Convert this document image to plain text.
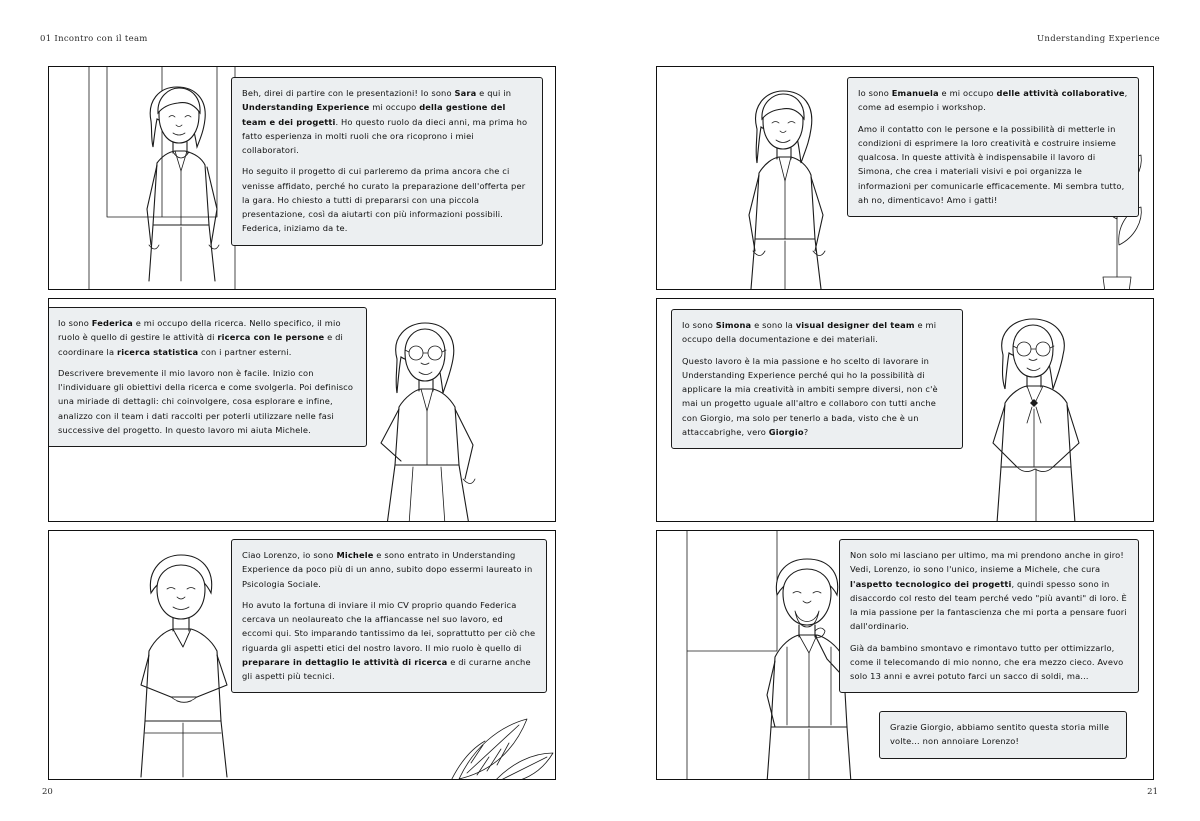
01 Incontro con il team	Understanding Experience
20	21

Beh, direi di partire con le presentazioni! Io sono Sara e qui in Understanding Experience mi occupo della gestione del team e dei progetti. Ho questo ruolo da dieci anni, ma prima ho fatto esperienza in molti ruoli che ora ricoprono i miei collaboratori.

Ho seguito il progetto di cui parleremo da prima ancora che ci venisse affidato, perché ho curato la preparazione dell'offerta per la gara. Ho chiesto a tutti di prepararsi con una piccola presentazione, così da aiutarti con più informazioni possibili. Federica, iniziamo da te.

Io sono Emanuela e mi occupo delle attività collaborative, come ad esempio i workshop.

Amo il contatto con le persone e la possibilità di metterle in condizioni di esprimere la loro creatività e costruire insieme qualcosa. In queste attività è indispensabile il lavoro di Simona, che crea i materiali visivi e poi organizza le informazioni per comunicarle efficacemente. Mi sembra tutto, ah no, dimenticavo! Amo i gatti!

Io sono Federica e mi occupo della ricerca. Nello specifico, il mio ruolo è quello di gestire le attività di ricerca con le persone e di coordinare la ricerca statistica con i partner esterni.

Descrivere brevemente il mio lavoro non è facile. Inizio con l'individuare gli obiettivi della ricerca e come svolgerla. Poi definisco una miriade di dettagli: chi coinvolgere, cosa esplorare e infine, analizzo con il team i dati raccolti per poterli utilizzare nelle fasi successive del progetto. In questo lavoro mi aiuta Michele.

Io sono Simona e sono la visual designer del team e mi occupo della documentazione e dei materiali.

Questo lavoro è la mia passione e ho scelto di lavorare in Understanding Experience perché qui ho la possibilità di applicare la mia creatività in ambiti sempre diversi, non c'è mai un progetto uguale all'altro e collaboro con tutti anche con Giorgio, ma solo per tenerlo a bada, visto che è un attaccabrighe, vero Giorgio?

Ciao Lorenzo, io sono Michele e sono entrato in Understanding Experience da poco più di un anno, subito dopo essermi laureato in Psicologia Sociale.

Ho avuto la fortuna di inviare il mio CV proprio quando Federica cercava un neolaureato che la affiancasse nel suo lavoro, ed eccomi qui. Sto imparando tantissimo da lei, soprattutto per ciò che riguarda gli aspetti etici del nostro lavoro. Il mio ruolo è quello di preparare in dettaglio le attività di ricerca e di curarne anche gli aspetti più tecnici.

Non solo mi lasciano per ultimo, ma mi prendono anche in giro! Vedi, Lorenzo, io sono l'unico, insieme a Michele, che cura l'aspetto tecnologico dei progetti, quindi spesso sono in disaccordo col resto del team perché vedo "più avanti" di loro. È la mia passione per la fantascienza che mi porta a pensare fuori dall'ordinario.

Già da bambino smontavo e rimontavo tutto per ottimizzarlo, come il telecomando di mio nonno, che era mezzo cieco. Avevo solo 13 anni e avrei potuto farci un sacco di soldi, ma…

Grazie Giorgio, abbiamo sentito questa storia mille volte… non annoiare Lorenzo!
